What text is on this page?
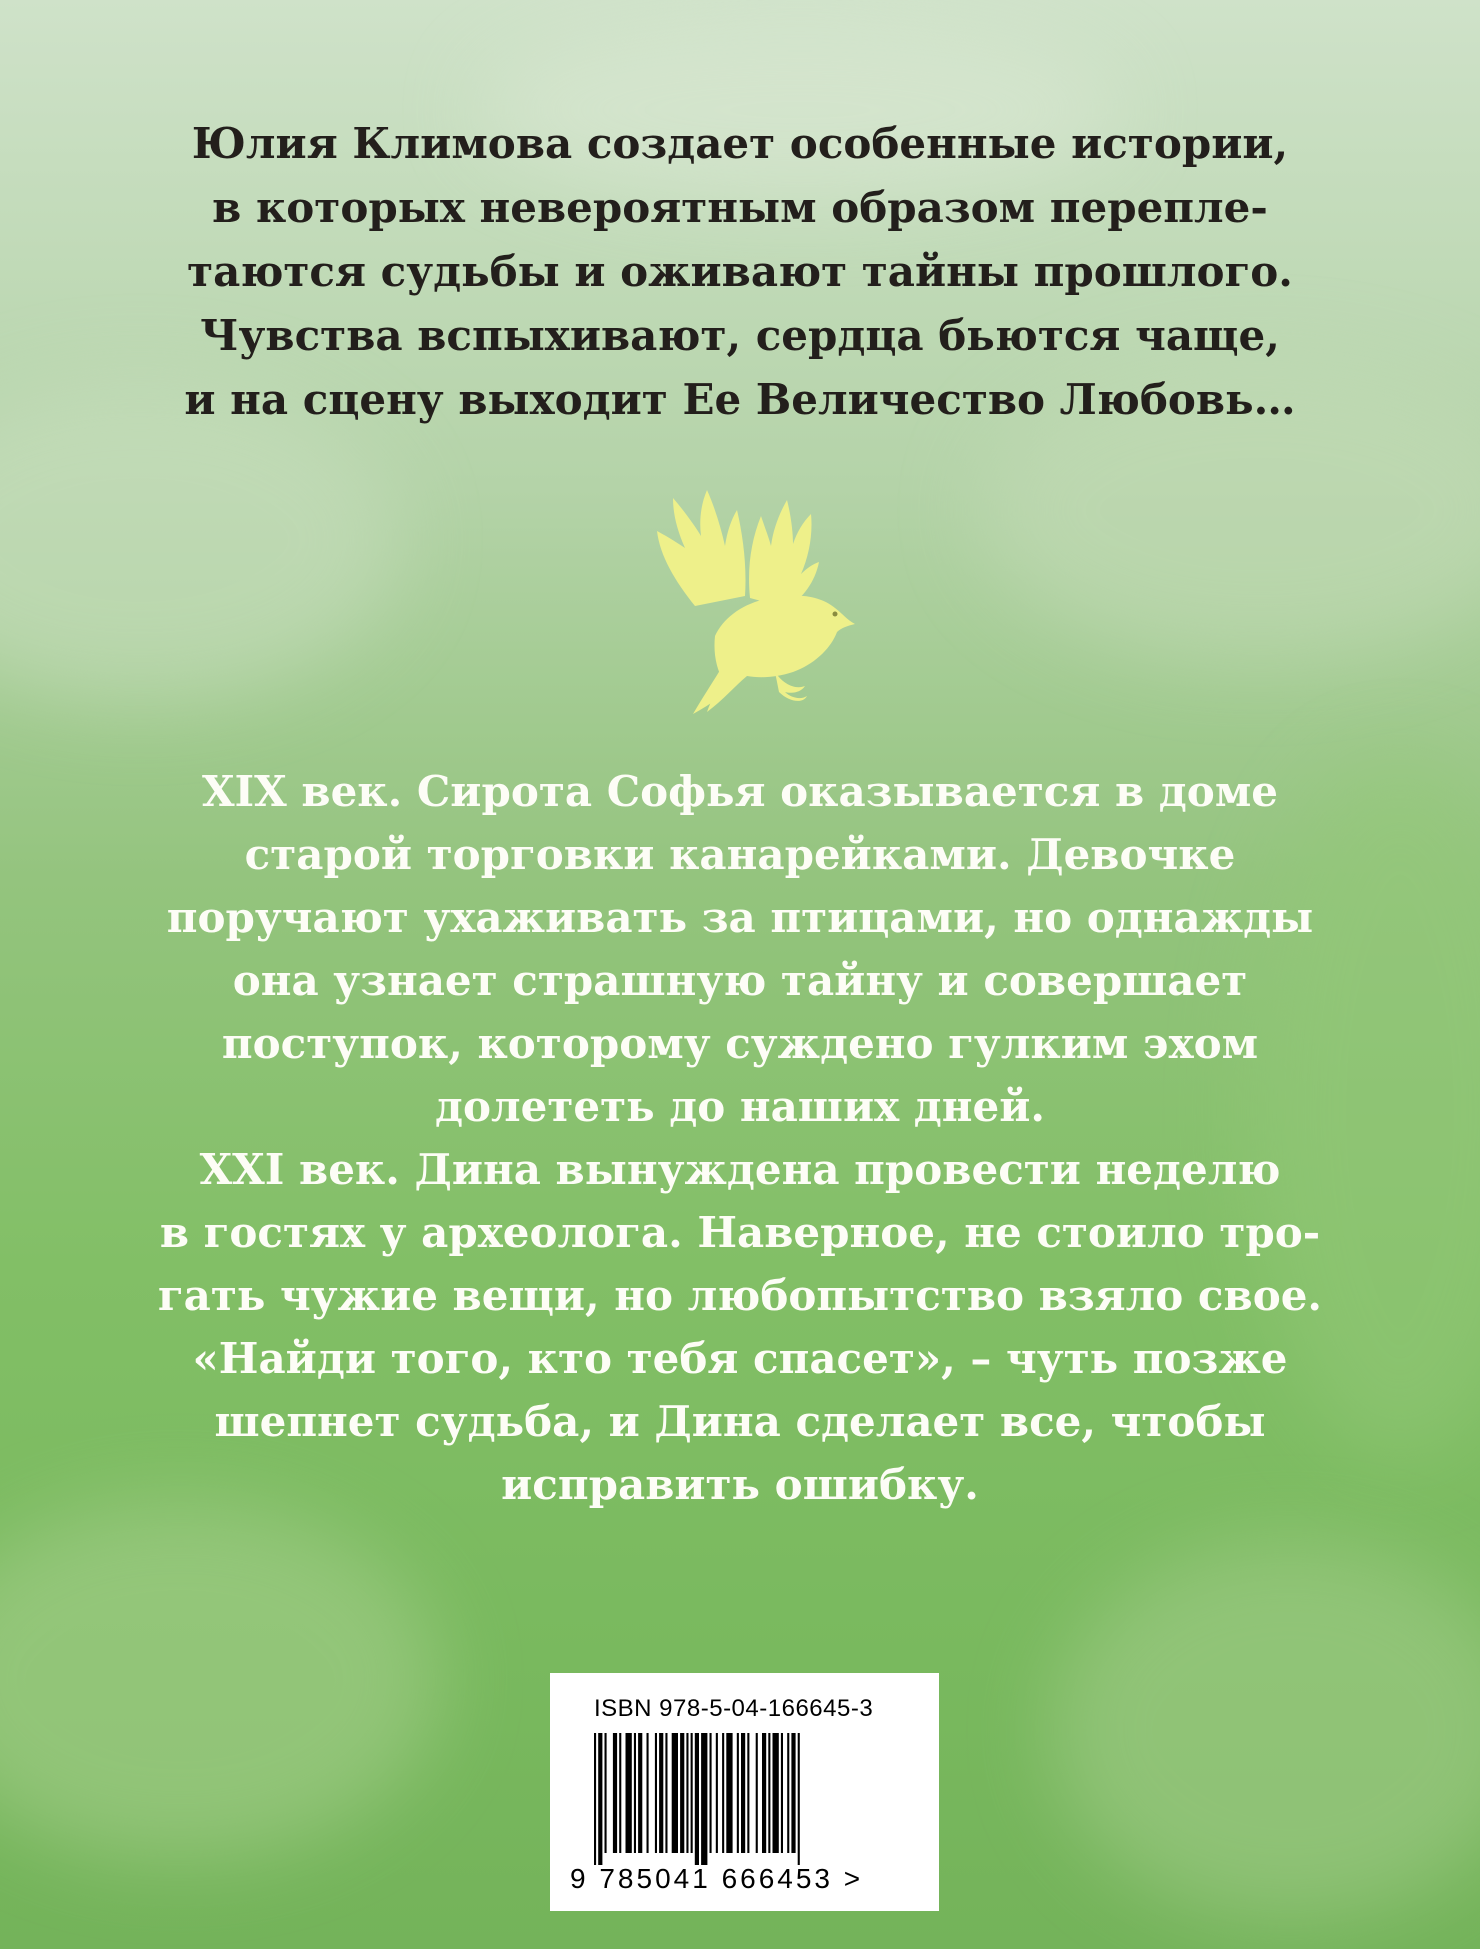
Юлия Климова создает особенные истории,
в которых невероятным образом перепле-
таются судьбы и оживают тайны прошлого.
Чувства вспыхивают, сердца бьются чаще,
и на сцену выходит Ее Величество Любовь…

XIX век. Сирота Софья оказывается в доме
старой торговки канарейками. Девочке
поручают ухаживать за птицами, но однажды
она узнает страшную тайну и совершает
поступок, которому суждено гулким эхом
долететь до наших дней.
XXI век. Дина вынуждена провести неделю
в гостях у археолога. Наверное, не стоило тро-
гать чужие вещи, но любопытство взяло свое.
«Найди того, кто тебя спасет», – чуть позже
шепнет судьба, и Дина сделает все, чтобы
исправить ошибку.

ISBN 978-5-04-166645-3
9 785041 666453 >
